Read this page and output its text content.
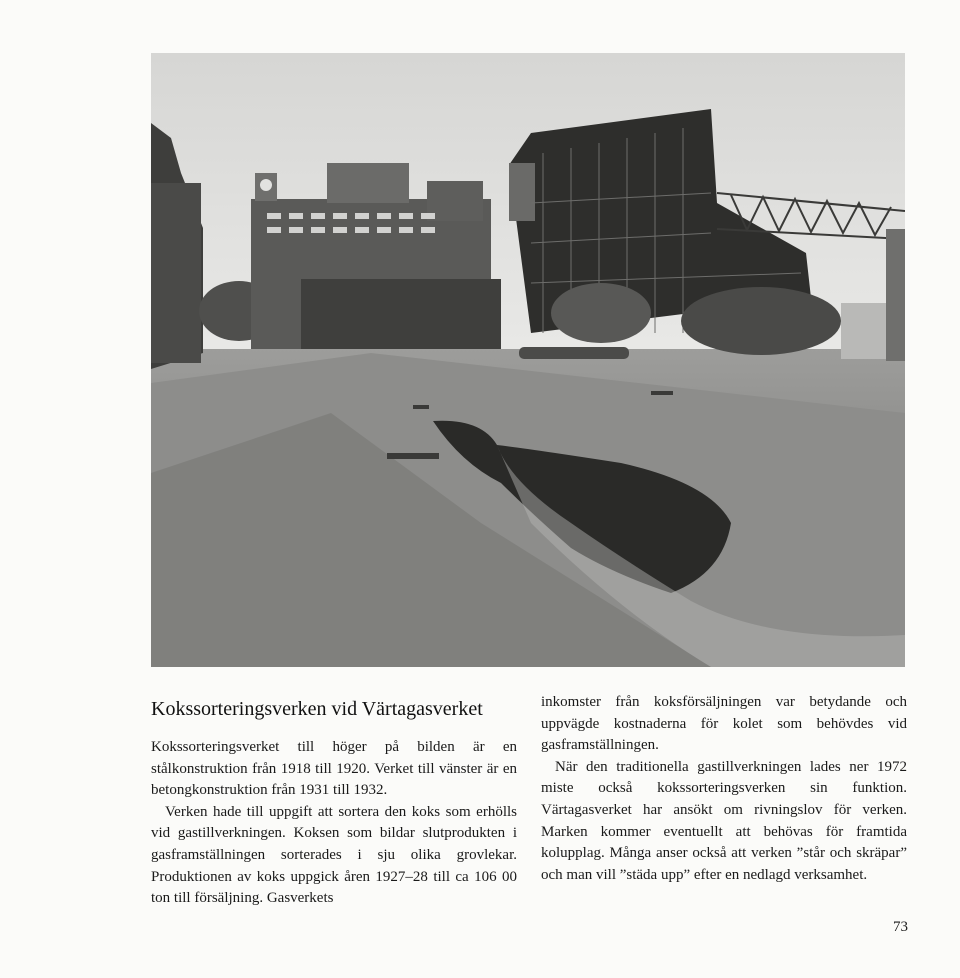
Kokssorteringsverken vid Värtagasverket

Kokssorteringsverket till höger på bilden är en stålkonstruktion från 1918 till 1920. Verket till vänster är en betongkonstruktion från 1931 till 1932.

Verken hade till uppgift att sortera den koks som erhölls vid gastillverkningen. Koksen som bildar slutprodukten i gasframställningen sorterades i sju olika grovlekar. Produktionen av koks uppgick åren 1927–28 till ca 106 00 ton till försäljning. Gasverkets

inkomster från koksförsäljningen var betydande och uppvägde kostnaderna för kolet som behövdes vid gasframställningen.

När den traditionella gastillverkningen lades ner 1972 miste också kokssorteringsverken sin funktion. Värtagasverket har ansökt om rivningslov för verken. Marken kommer eventuellt att behövas för framtida kolupplag. Många anser också att verken ”står och skräpar” och man vill ”städa upp” efter en nedlagd verksamhet.

73
